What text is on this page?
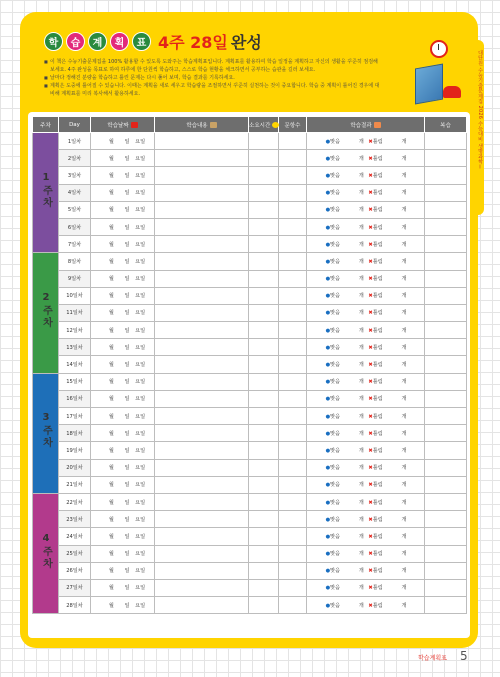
대단원 수능기출문제집 2026 수능대비 생명과학Ⅰ
학	습	계	획	표 4주 28일 완성
■ 이 책은 수능기출문제집을 100% 활용할 수 있도록 도와주는 학습계획표입니다. 계획표를 활용하여 학습 일정을 계획하고 자신의 생활을 꾸준히 점검해 보세요. 4주 완성을 목표로 하여 하루에 한 단원씩 학습하고, 스스로 학습 현황을 체크하면서 공부하는 습관을 길러 보세요.
■ 날마다 정해진 분량을 학습하고 틀린 문제는 다시 풀어 보며, 학습 결과를 기록하세요.
■ 계획은 도중에 틀어질 수 있습니다. 이때는 계획을 새로 세우고 학습량을 조절하면서 꾸준히 실천하는 것이 중요합니다. 학습 중 계획이 틀어진 경우에 대비해 계획표를 미리 복사해서 활용하세요.
주차	Day	학습날짜	학습내용	소요시간	문항수	학습결과	복습
1주차	1일차	월 일 요일				●맞음 개 ✖틀림 개	
	2일차	월 일 요일				●맞음 개 ✖틀림 개	
	3일차	월 일 요일				●맞음 개 ✖틀림 개	
	4일차	월 일 요일				●맞음 개 ✖틀림 개	
	5일차	월 일 요일				●맞음 개 ✖틀림 개	
	6일차	월 일 요일				●맞음 개 ✖틀림 개	
	7일차	월 일 요일				●맞음 개 ✖틀림 개	
2주차	8일차	월 일 요일				●맞음 개 ✖틀림 개	
	9일차	월 일 요일				●맞음 개 ✖틀림 개	
	10일차	월 일 요일				●맞음 개 ✖틀림 개	
	11일차	월 일 요일				●맞음 개 ✖틀림 개	
	12일차	월 일 요일				●맞음 개 ✖틀림 개	
	13일차	월 일 요일				●맞음 개 ✖틀림 개	
	14일차	월 일 요일				●맞음 개 ✖틀림 개	
3주차	15일차	월 일 요일				●맞음 개 ✖틀림 개	
	16일차	월 일 요일				●맞음 개 ✖틀림 개	
	17일차	월 일 요일				●맞음 개 ✖틀림 개	
	18일차	월 일 요일				●맞음 개 ✖틀림 개	
	19일차	월 일 요일				●맞음 개 ✖틀림 개	
	20일차	월 일 요일				●맞음 개 ✖틀림 개	
	21일차	월 일 요일				●맞음 개 ✖틀림 개	
4주차	22일차	월 일 요일				●맞음 개 ✖틀림 개	
	23일차	월 일 요일				●맞음 개 ✖틀림 개	
	24일차	월 일 요일				●맞음 개 ✖틀림 개	
	25일차	월 일 요일				●맞음 개 ✖틀림 개	
	26일차	월 일 요일				●맞음 개 ✖틀림 개	
	27일차	월 일 요일				●맞음 개 ✖틀림 개	
	28일차	월 일 요일				●맞음 개 ✖틀림 개	
학습계획표 5
